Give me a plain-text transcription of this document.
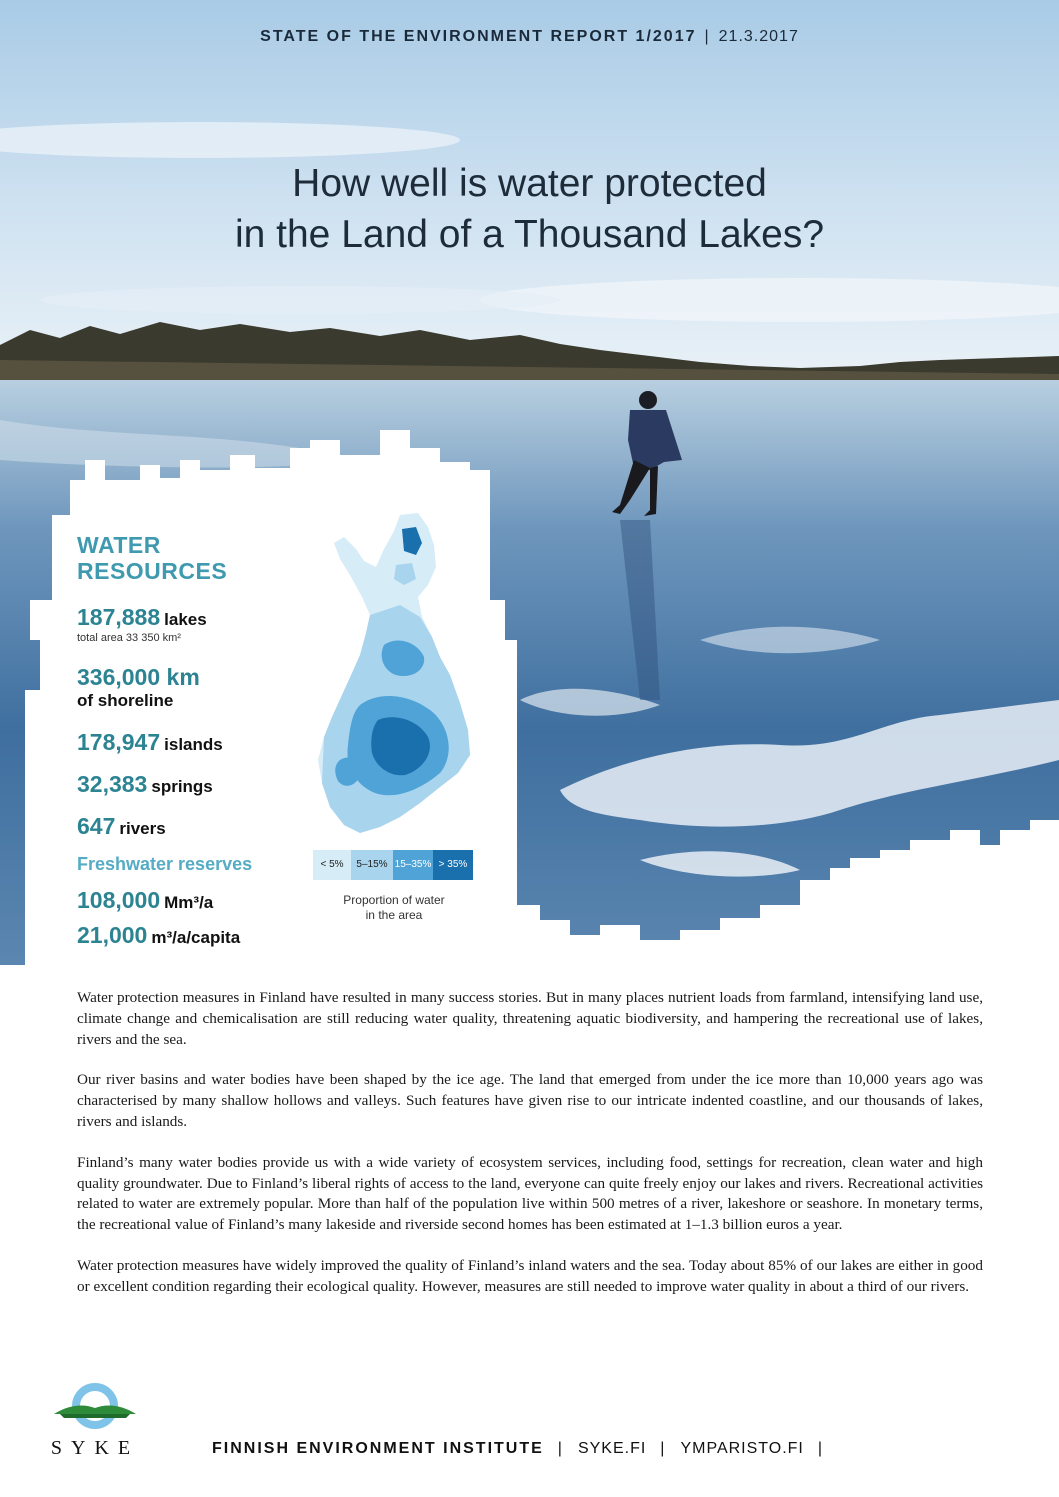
STATE OF THE ENVIRONMENT REPORT 1/2017 | 21.3.2017
How well is water protected
in the Land of a Thousand Lakes?
WATER
RESOURCES
187,888 lakes
total area 33 350 km²
336,000 km
of shoreline
178,947 islands
32,383 springs
647 rivers
Freshwater reserves
108,000 Mm³/a
21,000 m³/a/capita
< 5%	5–15% 15–35% > 35%
Proportion of water
in the area

Water protection measures in Finland have resulted in many success stories. But in many places nutrient loads from farmland, intensifying land use, climate change and chemicalisation are still reducing water quality, threatening aquatic biodiversity, and hampering the recreational use of lakes, rivers and the sea.

Our river basins and water bodies have been shaped by the ice age. The land that emerged from under the ice more than 10,000 years ago was characterised by many shallow hollows and valleys. Such features have given rise to our intricate indented coastline, and our thousands of lakes, rivers and islands.

Finland’s many water bodies provide us with a wide variety of ecosystem services, including food, settings for recreation, clean water and high quality groundwater. Due to Finland’s liberal rights of access to the land, everyone can quite freely enjoy our lakes and rivers. Recreational activities related to water are extremely popular. More than half of the population live within 500 metres of a river, lakeshore or seashore. In monetary terms, the recreational value of Finland’s many lakeside and riverside second homes has been estimated at 1–1.3 billion euros a year.

Water protection measures have widely improved the quality of Finland’s inland waters and the sea. Today about 85% of our lakes are either in good or excellent condition regarding their ecological quality. However, measures are still needed to improve water quality in about a third of our rivers.

SYKE	FINNISH ENVIRONMENT INSTITUTE | SYKE.FI | YMPARISTO.FI |
